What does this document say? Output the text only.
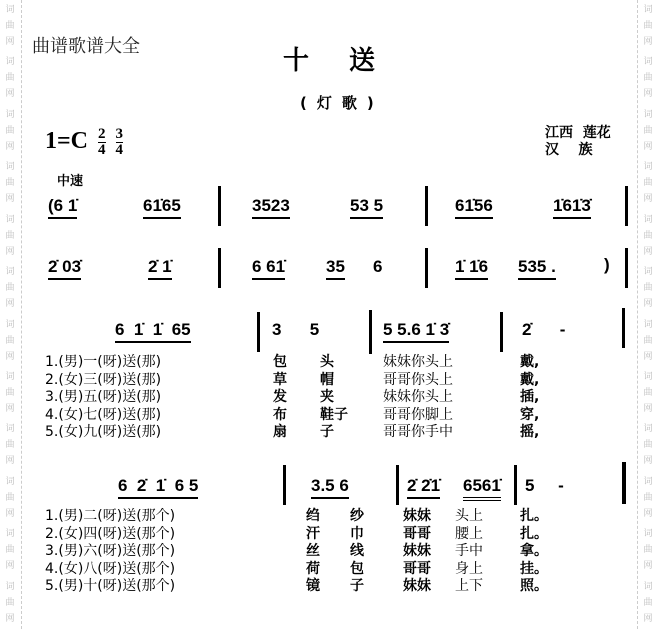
词
曲
网
词
曲
网
词
曲
网
词
曲
网
词
曲
网
词
曲
网
词
曲
网
词
曲
网
词
曲
网
词
曲
网
词
曲
网
词
曲
网
词
曲
网
词
曲
网
词
曲
网
词
曲
网
词
曲
网
词
曲
网
词
曲
网
词
曲
网
词
曲
网
词
曲
网
词
曲
网
词
曲
网
曲谱歌谱大全	十送
(灯歌)
$1=C \frac{2}{4}$
$\frac{3}{4}$	江西  莲花
汉    族
中速
(6 1̇	61̇65	3523	53 5	61̇56	1̇61̇3̇
2̇ 03̇	2̇ 1̇	6 61̇ 35 6	1̇ 1̇6 535 .	)
6  1̇  1̇  65	3      5	5 5.6 1̇ 3̇	2̇      -
1.(男)一(呀)送(那)	包 头	妹妹你头上	戴,
2.(女)三(呀)送(那)	草 帽	哥哥你头上	戴,
3.(男)五(呀)送(那)	发 夹	妹妹你头上	插,
4.(女)七(呀)送(那)	布 鞋子	哥哥你脚上	穿,
5.(女)九(呀)送(那)	扇 子	哥哥你手中	摇,
6  2̇  1̇  6 5	3.5 6	2̇ 2̇1̇ 6561̇ 5     -
1.(男)二(呀)送(那个)	绉 纱	妹妹 头上	扎。
2.(女)四(呀)送(那个)	汗 巾	哥哥 腰上	扎。
3.(男)六(呀)送(那个)	丝 线	妹妹 手中	拿。
4.(女)八(呀)送(那个)	荷 包	哥哥 身上	挂。
5.(男)十(呀)送(那个)	镜 子	妹妹 上下	照。
